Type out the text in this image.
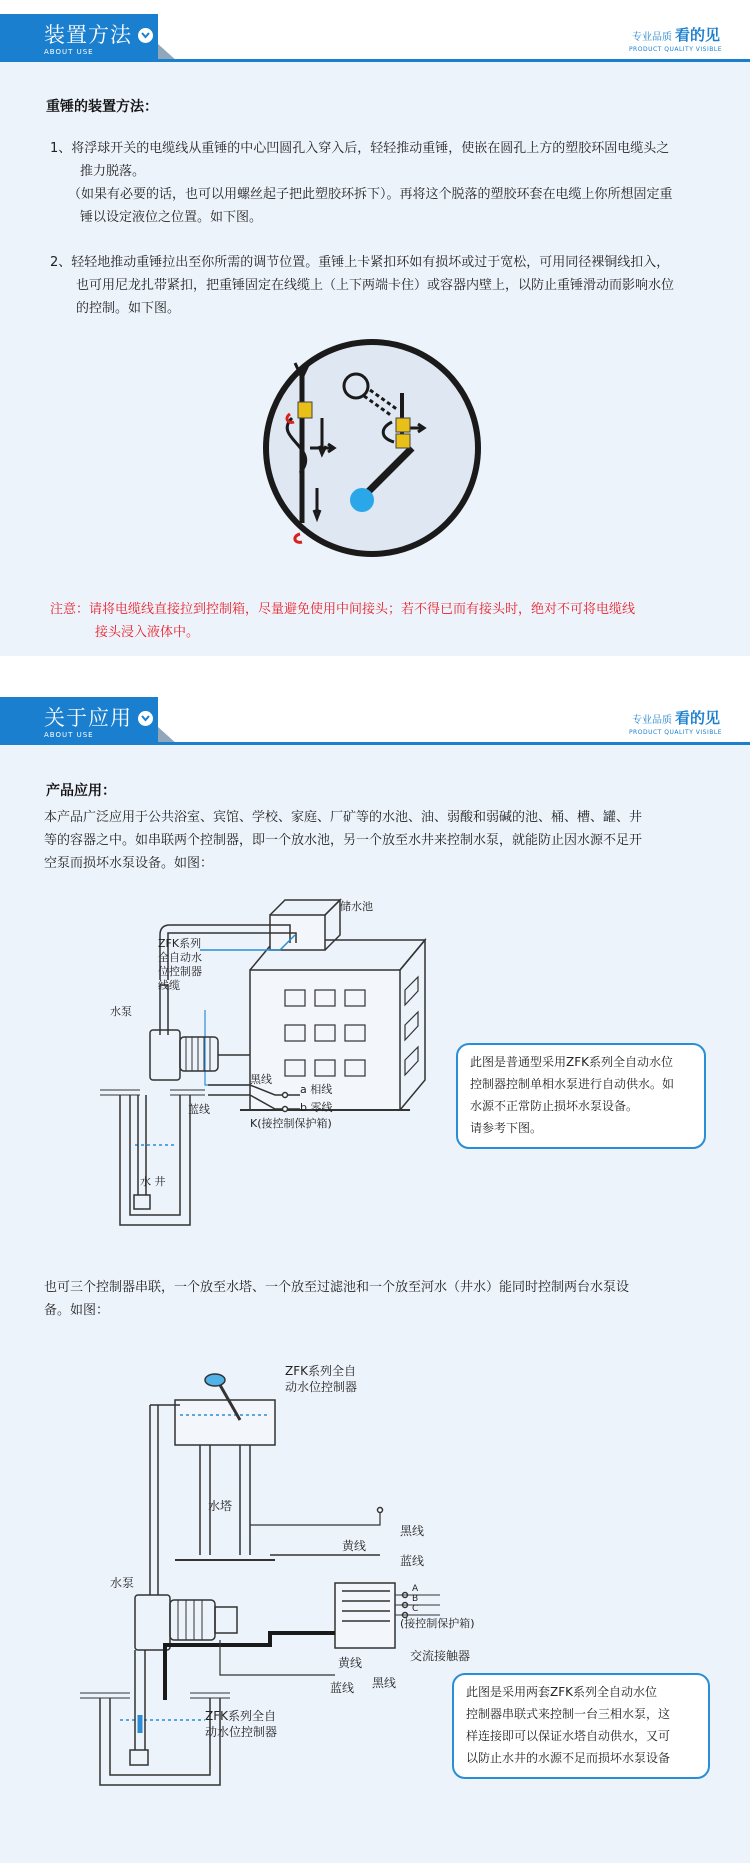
装置方法
ABOUT USE
专业品质 看的见
PRODUCT QUALITY VISIBLE
重锤的装置方法：
1、将浮球开关的电缆线从重锤的中心凹圆孔入穿入后，轻轻推动重锤，使嵌在圆孔上方的塑胶环固电缆头之
推力脱落。
（如果有必要的话，也可以用螺丝起子把此塑胶环拆下）。再将这个脱落的塑胶环套在电缆上你所想固定重
锤以设定液位之位置。如下图。
2、轻轻地推动重锤拉出至你所需的调节位置。重锤上卡紧扣环如有损坏或过于宽松，可用同径裸铜线扣入，
也可用尼龙扎带紧扣，把重锤固定在线缆上（上下两端卡住）或容器内壁上，以防止重锤滑动而影响水位
的控制。如下图。
注意：请将电缆线直接拉到控制箱，尽量避免使用中间接头；若不得已而有接头时，绝对不可将电缆线
接头浸入液体中。
关于应用
ABOUT USE
专业品质 看的见
PRODUCT QUALITY VISIBLE
产品应用：
本产品广泛应用于公共浴室、宾馆、学校、家庭、厂矿等的水池、油、弱酸和弱碱的池、桶、槽、罐、井
等的容器之中。如串联两个控制器，即一个放水池，另一个放至水井来控制水泵，就能防止因水源不足开
空泵而损坏水泵设备。如图：
储水池
ZFK系列
全自动水
位控制器
线缆
水泵
黑线
a 相线
b 零线
蓝线
K(接控制保护箱)
水 井
此图是普通型采用ZFK系列全自动水位
控制器控制单相水泵进行自动供水。如
水源不正常防止损坏水泵设备。
请参考下图。
也可三个控制器串联，一个放至水塔、一个放至过滤池和一个放至河水（井水）能同时控制两台水泵设
备。如图：
ZFK系列全自
动水位控制器
水塔
黑线
黄线
蓝线
A
B
C
(接控制保护箱)
水泵
交流接触器
黄线
蓝线 黑线
ZFK系列全自
动水位控制器
此图是采用两套ZFK系列全自动水位
控制器串联式来控制一台三相水泵，这
样连接即可以保证水塔自动供水，又可
以防止水井的水源不足而损坏水泵设备
